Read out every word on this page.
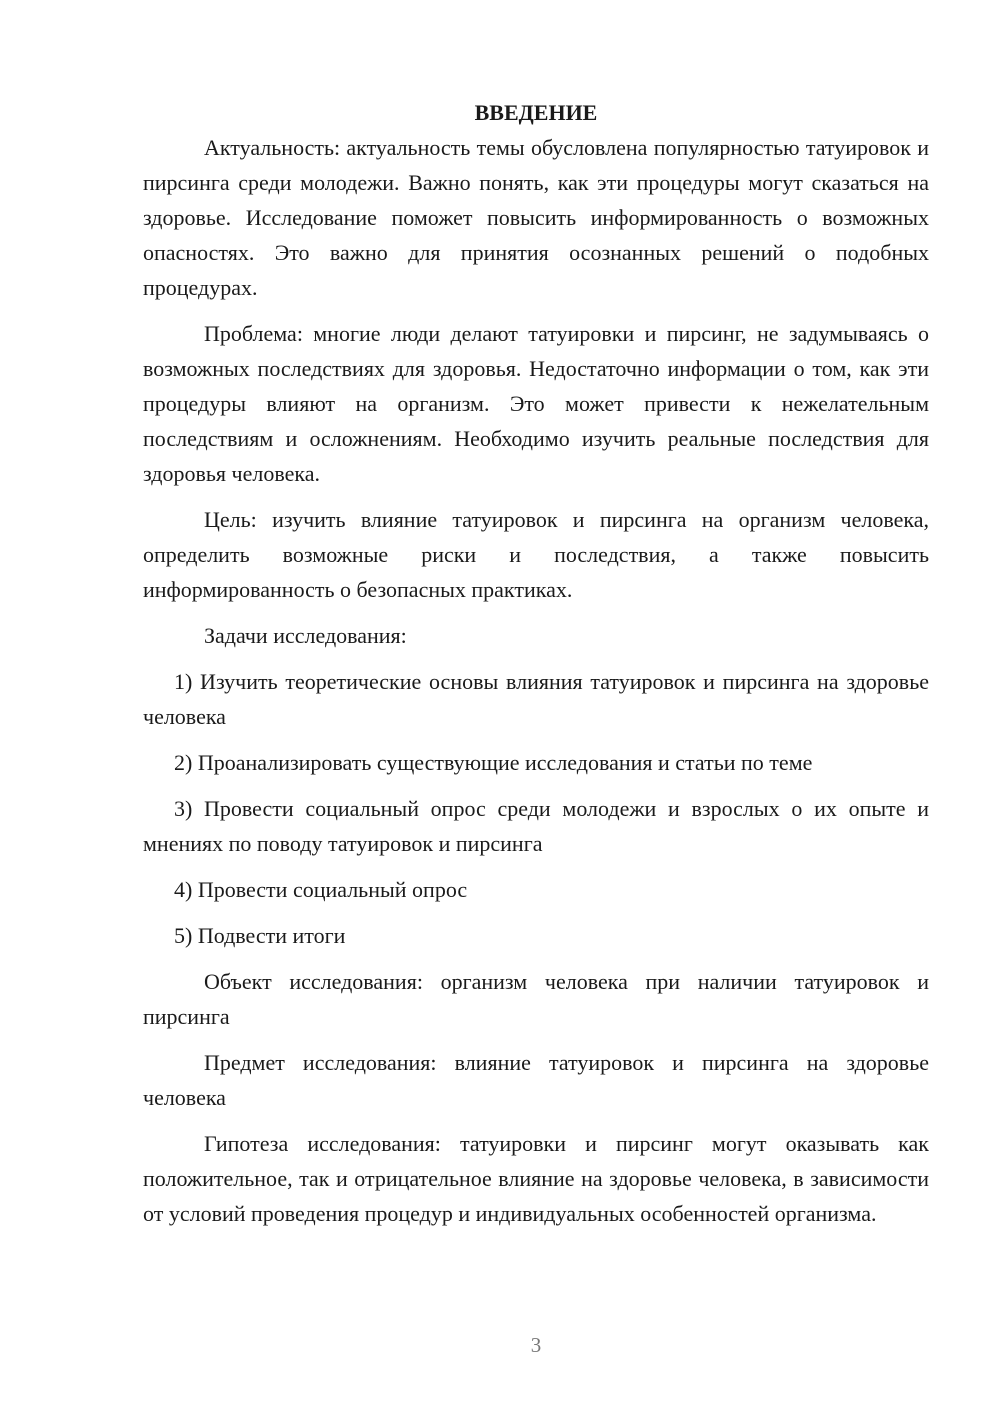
ВВЕДЕНИЕ

Актуальность: актуальность темы обусловлена популярностью татуировок и пирсинга среди молодежи. Важно понять, как эти процедуры могут сказаться на здоровье. Исследование поможет повысить информированность о возможных опасностях. Это важно для принятия осознанных решений о подобных процедурах.

Проблема: многие люди делают татуировки и пирсинг, не задумываясь о возможных последствиях для здоровья. Недостаточно информации о том, как эти процедуры влияют на организм. Это может привести к нежелательным последствиям и осложнениям. Необходимо изучить реальные последствия для здоровья человека.

Цель: изучить влияние татуировок и пирсинга на организм человека, определить возможные риски и последствия, а также повысить информированность о безопасных практиках.

Задачи исследования:

1) Изучить теоретические основы влияния татуировок и пирсинга на здоровье человека

2) Проанализировать существующие исследования и статьи по теме

3) Провести социальный опрос среди молодежи и взрослых о их опыте и мнениях по поводу татуировок и пирсинга

4) Провести социальный опрос

5) Подвести итоги

Объект исследования: организм человека при наличии татуировок и пирсинга

Предмет исследования: влияние татуировок и пирсинга на здоровье человека

Гипотеза исследования: татуировки и пирсинг могут оказывать как положительное, так и отрицательное влияние на здоровье человека, в зависимости от условий проведения процедур и индивидуальных особенностей организма.

3
